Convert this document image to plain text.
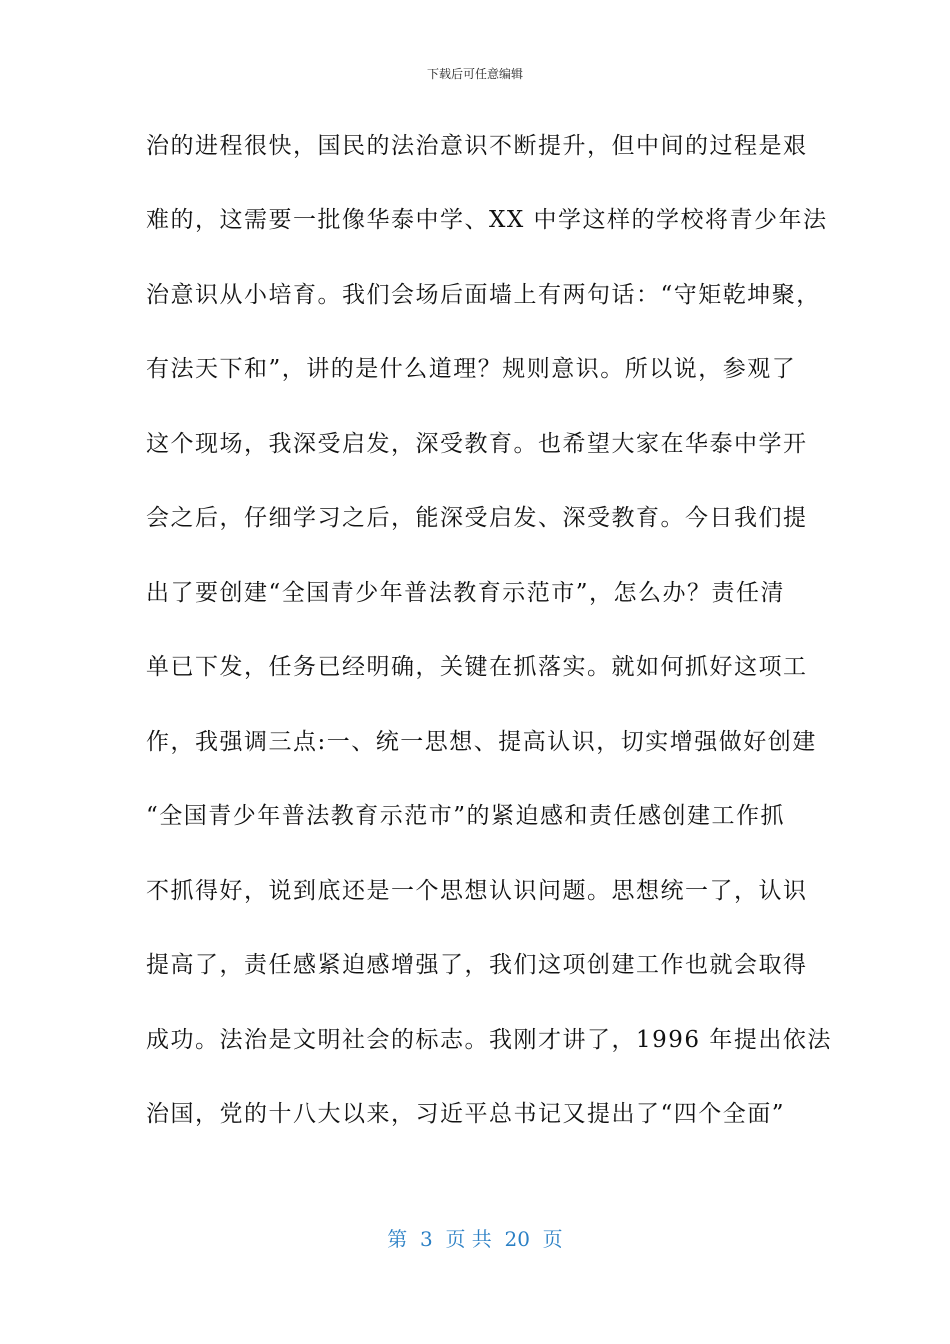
下载后可任意编辑
治的进程很快，国民的法治意识不断提升，但中间的过程是艰
难的，这需要一批像华泰中学、XX 中学这样的学校将青少年法
治意识从小培育。我们会场后面墙上有两句话：“守矩乾坤聚，
有法天下和”，讲的是什么道理？规则意识。所以说，参观了
这个现场，我深受启发，深受教育。也希望大家在华泰中学开
会之后，仔细学习之后，能深受启发、深受教育。今日我们提
出了要创建“全国青少年普法教育示范市”，怎么办？责任清
单已下发，任务已经明确，关键在抓落实。就如何抓好这项工
作，我强调三点:一、统一思想、提高认识，切实增强做好创建
“全国青少年普法教育示范市”的紧迫感和责任感创建工作抓
不抓得好，说到底还是一个思想认识问题。思想统一了，认识
提高了，责任感紧迫感增强了，我们这项创建工作也就会取得
成功。法治是文明社会的标志。我刚才讲了，1996 年提出依法
治国，党的十八大以来，习近平总书记又提出了“四个全面”
第  3  页 共  20  页
